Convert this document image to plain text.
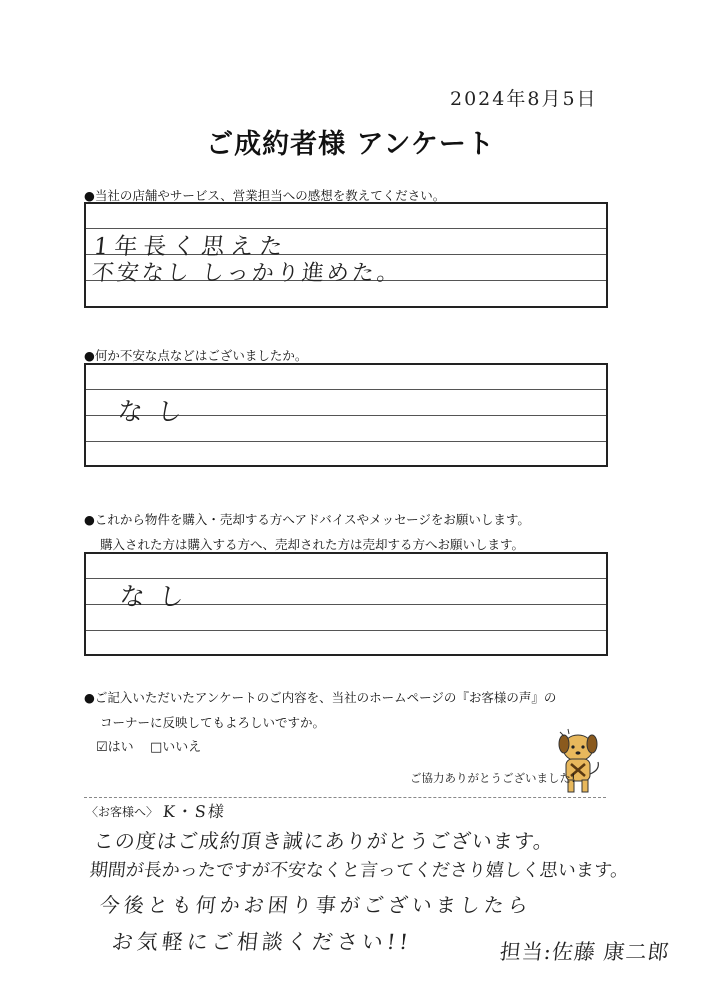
2024年8月5日
ご成約者様 アンケート
●当社の店舗やサービス、営業担当への感想を教えてください。
1年長く思えた
不安なし しっかり進めた。
●何か不安な点などはございましたか。
なし
●これから物件を購入・売却する方へアドバイスやメッセージをお願いします。
購入された方は購入する方へ、売却された方は売却する方へお願いします。
なし
●ご記入いただいたアンケートのご内容を、当社のホームページの『お客様の声』の
コーナーに反映してもよろしいですか。
☑はい □いいえ
ご協力ありがとうございました!
〈お客様へ〉 K・S様
この度はご成約頂き誠にありがとうございます。
期間が長かったですが不安なくと言ってくださり嬉しく思います。
今後とも何かお困り事がございましたら
お気軽にご相談ください!!	担当:佐藤 康二郎
